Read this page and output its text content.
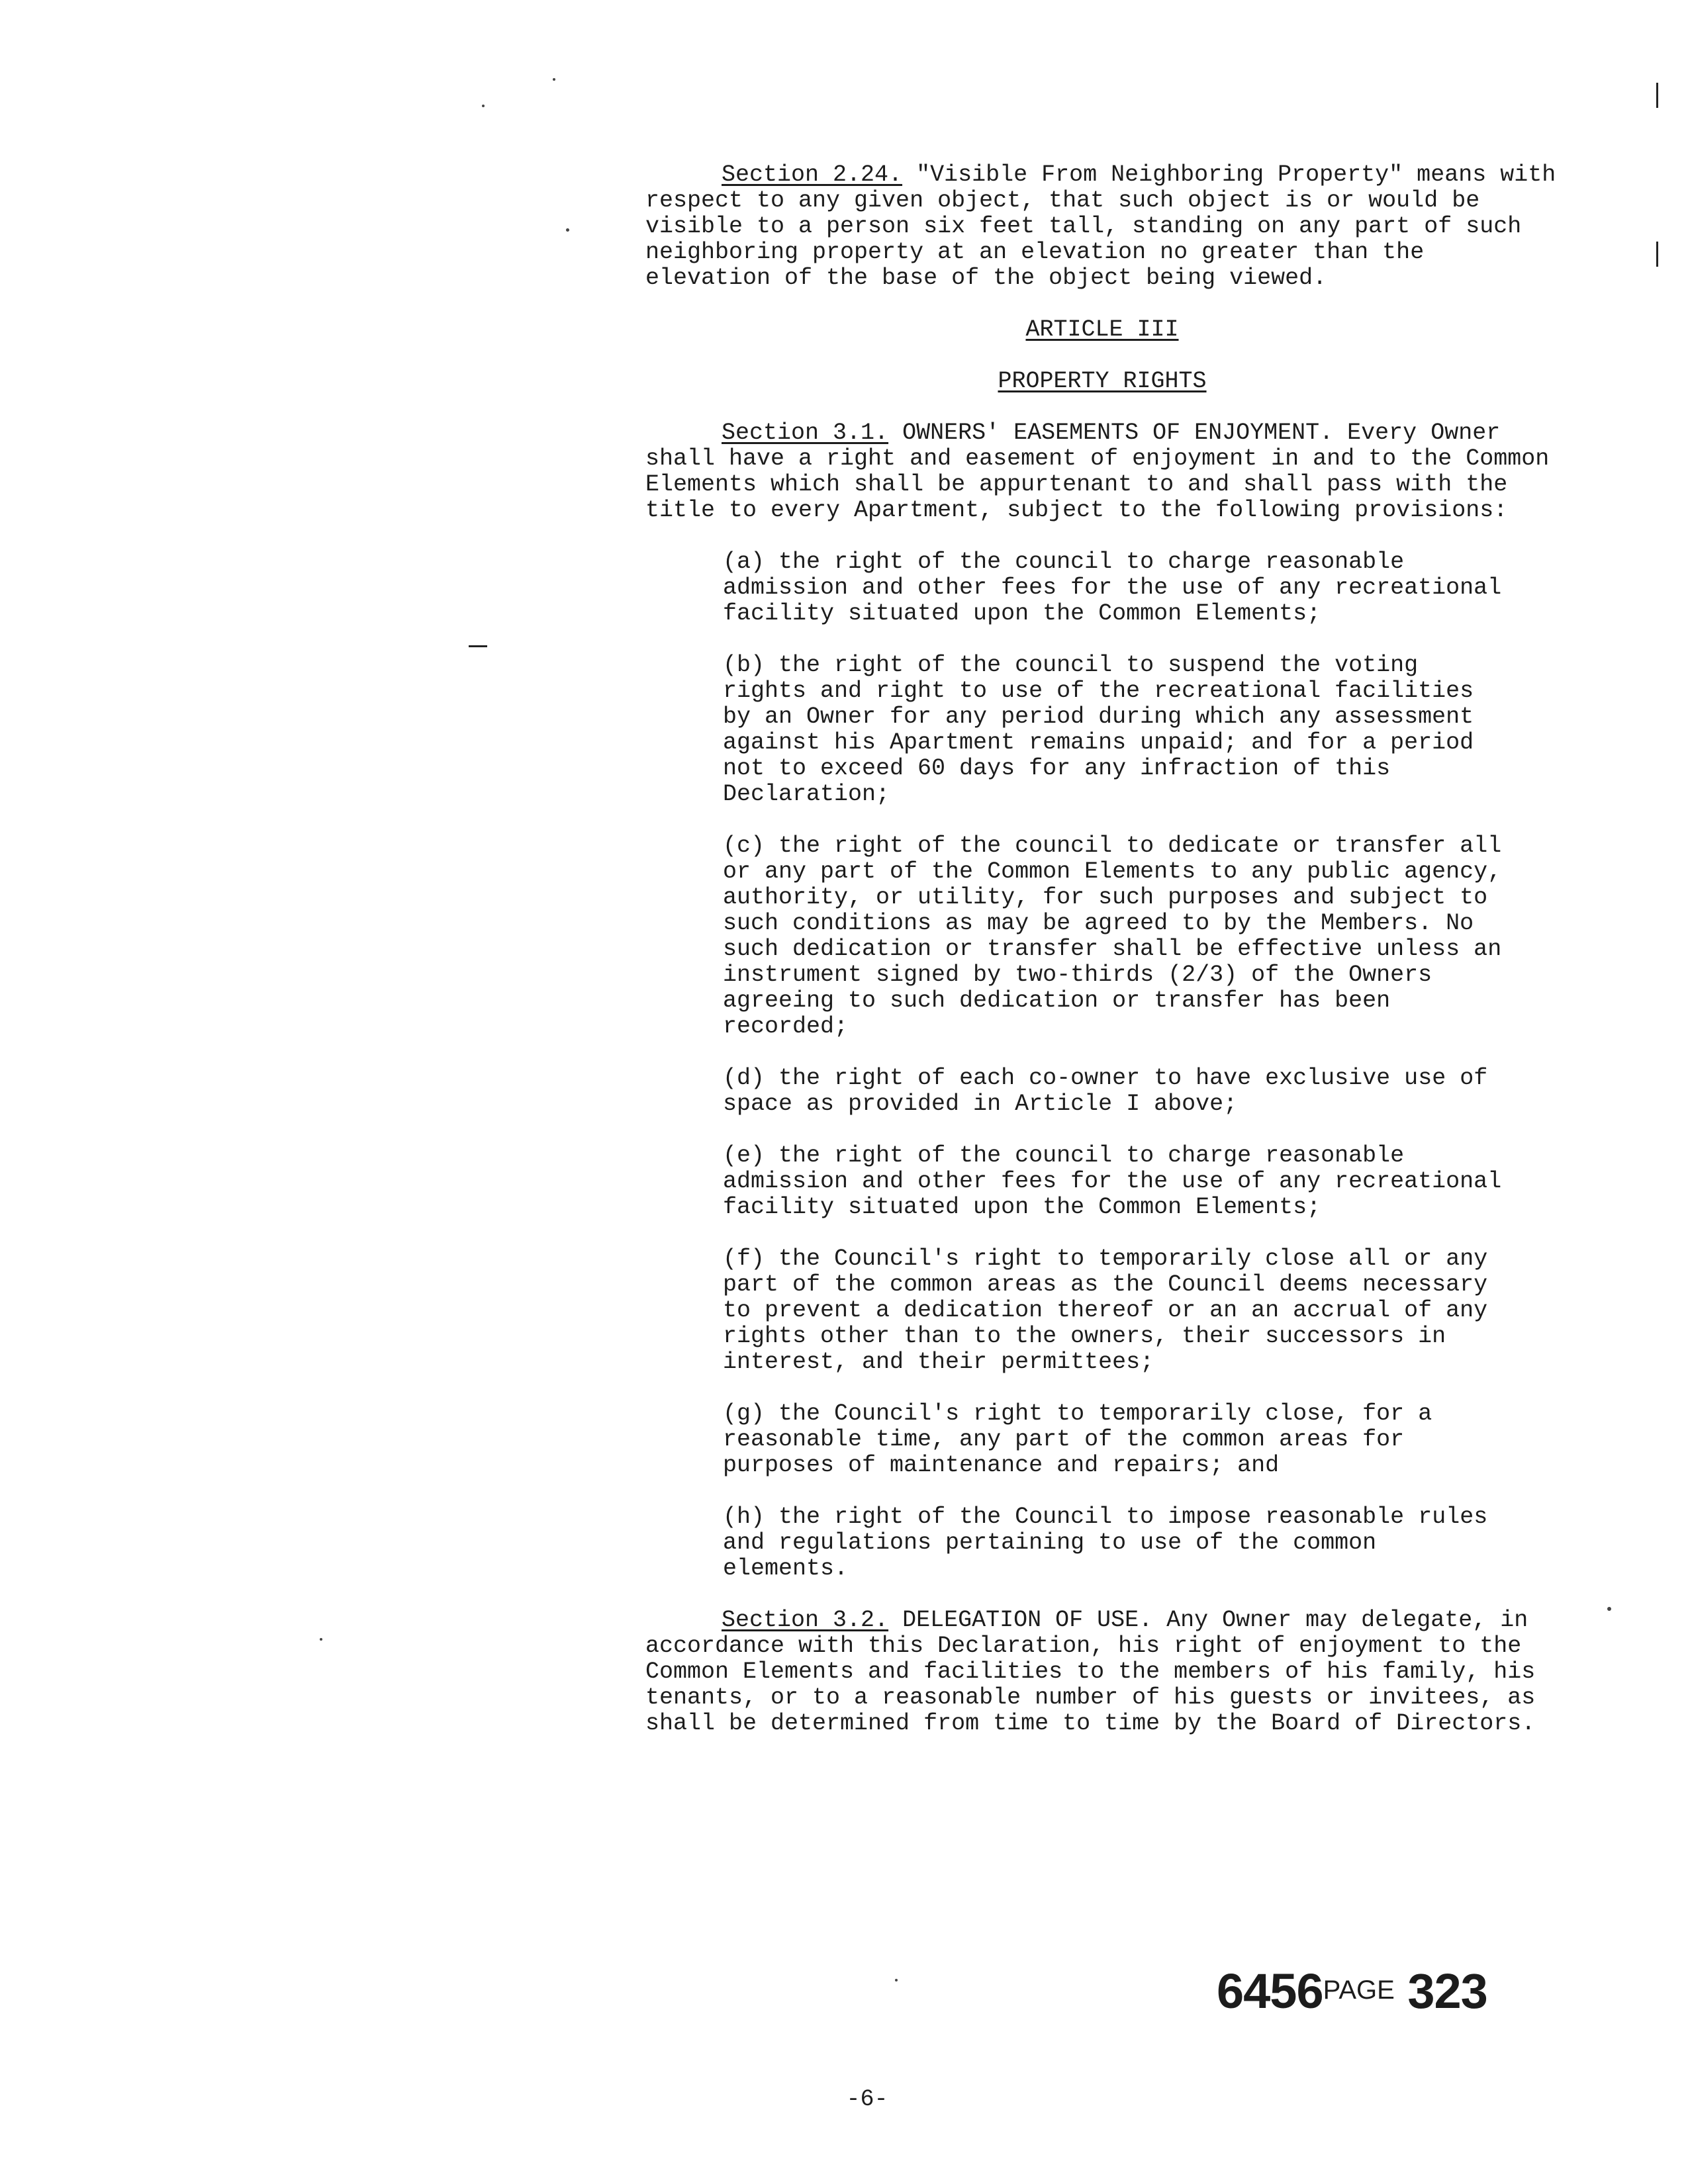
Section 2.24. "Visible From Neighboring Property" means with respect to any given object, that such object is or would be visible to a person six feet tall, standing on any part of such neighboring property at an elevation no greater than the elevation of the base of the object being viewed.

ARTICLE III

PROPERTY RIGHTS

Section 3.1. OWNERS' EASEMENTS OF ENJOYMENT. Every Owner shall have a right and easement of enjoyment in and to the Common Elements which shall be appurtenant to and shall pass with the title to every Apartment, subject to the following provisions:

(a) the right of the council to charge reasonable admission and other fees for the use of any recreational facility situated upon the Common Elements;

(b) the right of the council to suspend the voting rights and right to use of the recreational facilities by an Owner for any period during which any assessment against his Apartment remains unpaid; and for a period not to exceed 60 days for any infraction of this Declaration;

(c) the right of the council to dedicate or transfer all or any part of the Common Elements to any public agency, authority, or utility, for such purposes and subject to such conditions as may be agreed to by the Members. No such dedication or transfer shall be effective unless an instrument signed by two-thirds (2/3) of the Owners agreeing to such dedication or transfer has been recorded;

(d) the right of each co-owner to have exclusive use of space as provided in Article I above;

(e) the right of the council to charge reasonable admission and other fees for the use of any recreational facility situated upon the Common Elements;

(f) the Council's right to temporarily close all or any part of the common areas as the Council deems necessary to prevent a dedication thereof or an an accrual of any rights other than to the owners, their successors in interest, and their permittees;

(g) the Council's right to temporarily close, for a reasonable time, any part of the common areas for purposes of maintenance and repairs; and

(h) the right of the Council to impose reasonable rules and regulations pertaining to use of the common elements.

Section 3.2. DELEGATION OF USE. Any Owner may delegate, in accordance with this Declaration, his right of enjoyment to the Common Elements and facilities to the members of his family, his tenants, or to a reasonable number of his guests or invitees, as shall be determined from time to time by the Board of Directors.

6456PAGE 323
-6-
